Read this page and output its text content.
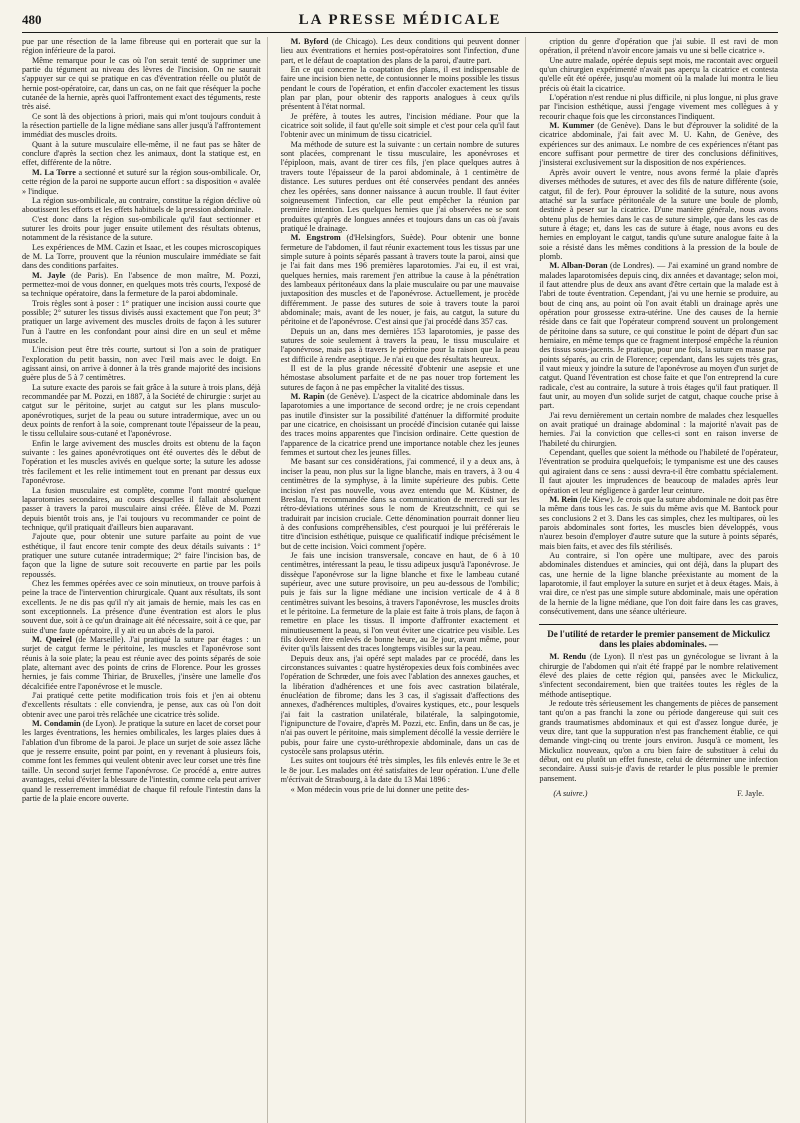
480	LA PRESSE MÉDICALE

pue par une résection de la lame fibreuse qui en porterait que sur la région inférieure de la paroi.

Même remarque pour le cas où l'on serait tenté de supprimer une partie du tégument au niveau des lèvres de l'incision. On ne saurait s'appuyer sur ce qui se pratique en cas d'éventration réelle ou plutôt de hernie post-opératoire, car, dans un cas, on ne fait que réséquer la poche cutanée de la hernie, après quoi l'affrontement exact des téguments, reste très aisé.

Ce sont là des objections à priori, mais qui m'ont toujours conduit à la résection partielle de la ligne médiane sans aller jusqu'à l'affrontement immédiat des muscles droits.

Quant à la suture musculaire elle-même, il ne faut pas se hâter de conclure d'après la section chez les animaux, dont la statique est, en effet, différente de la nôtre.

M. La Torre a sectionné et suturé sur la région sous-ombilicale. Or, cette région de la paroi ne supporte aucun effort : sa disposition « avalée » l'indique.

La région sus-ombilicale, au contraire, constitue la région déclive où aboutissent les efforts et les effets habituels de la pression abdominale.

C'est donc dans la région sus-ombilicale qu'il faut sectionner et suturer les droits pour juger ensuite utilement des résultats obtenus, notamment de la résistance de la suture.

Les expériences de MM. Cazin et Isaac, et les coupes microscopiques de M. La Torre, prouvent que la réunion musculaire immédiate se fait dans des conditions parfaites.

M. Jayle (de Paris). En l'absence de mon maître, M. Pozzi, permettez-moi de vous donner, en quelques mots très courts, l'exposé de sa technique opératoire, dans la fermeture de la paroi abdominale.

Trois règles sont à poser : 1° pratiquer une incision aussi courte que possible; 2° suturer les tissus divisés aussi exactement que l'on peut; 3° pratiquer un large avivement des muscles droits de façon à les suturer l'un à l'autre en les confondant pour ainsi dire en un seul et même muscle.

L'incision peut être très courte, surtout si l'on a soin de pratiquer l'exploration du petit bassin, non avec l'œil mais avec le doigt. En agissant ainsi, on arrive à donner à la très grande majorité des incisions guère plus de 5 à 7 centimètres.

La suture exacte des parois se fait grâce à la suture à trois plans, déjà recommandée par M. Pozzi, en 1887, à la Société de chirurgie : surjet au catgut sur le péritoine, surjet au catgut sur les plans musculo-aponévrotiques, surjet de la peau ou suture intradermique, avec un ou deux points de renfort à la soie, comprenant toute l'épaisseur de la peau, le tissu cellulaire sous-cutané et l'aponévrose.

Enfin le large avivement des muscles droits est obtenu de la façon suivante : les gaines aponévrotiques ont été ouvertes dès le début de l'opération et les muscles avivés en quelque sorte; la suture les adosse très facilement et les relie intimement tout en prenant par dessus eux l'aponévrose.

La fusion musculaire est complète, comme l'ont montré quelque laparotomies secondaires, au cours desquelles il fallait absolument passer à travers la paroi musculaire ainsi créée. Élève de M. Pozzi depuis bientôt trois ans, je l'ai toujours vu recommander ce point de technique, qu'il pratiquait d'ailleurs bien auparavant.

J'ajoute que, pour obtenir une suture parfaite au point de vue esthétique, il faut encore tenir compte des deux détails suivants : 1° pratiquer une suture cutanée intradermique; 2° faire l'incision bas, de façon que la ligne de suture soit recouverte en partie par les poils repoussés.

Chez les femmes opérées avec ce soin minutieux, on trouve parfois à peine la trace de l'intervention chirurgicale. Quant aux résultats, ils sont excellents. Je ne dis pas qu'il n'y ait jamais de hernie, mais les cas en sont exceptionnels. La présence d'une éventration est alors le plus souvent due, soit à ce qu'un drainage ait été nécessaire, soit à ce que, par suite d'une faute opératoire, il y ait eu un abcès de la paroi.

M. Queirel (de Marseille). J'ai pratiqué la suture par étages : un surjet de catgut ferme le péritoine, les muscles et l'aponévrose sont réunis à la soie plate; la peau est réunie avec des points séparés de soie plate, alternant avec des points de crins de Florence. Pour les grosses hernies, je fais comme Thiriar, de Bruxelles, j'insère une lamelle d'os décalcifiée entre l'aponévrose et le muscle.

J'ai pratiqué cette petite modification trois fois et j'en ai obtenu d'excellents résultats : elle conviendra, je pense, aux cas où l'on doit obtenir avec une paroi très relâchée une cicatrice très solide.

M. Condamin (de Lyon). Je pratique la suture en lacet de corset pour les larges éventrations, les hernies ombilicales, les larges plaies dues à l'ablation d'un fibrome de la paroi. Je place un surjet de soie assez lâche que je resserre ensuite, point par point, en y revenant à plusieurs fois, comme font les femmes qui veulent obtenir avec leur corset une très fine taille. Un second surjet ferme l'aponévrose. Ce procédé a, entre autres avantages, celui d'éviter la blessure de l'intestin, comme cela peut arriver quand le resserrement immédiat de chaque fil refoule l'intestin dans la partie de la plaie encore ouverte.

M. Byford (de Chicago). Les deux conditions qui peuvent donner lieu aux éventrations et hernies post-opératoires sont l'infection, d'une part, et le défaut de coaptation des plans de la paroi, d'autre part.

En ce qui concerne la coaptation des plans, il est indispensable de faire une incision bien nette, de contusionner le moins possible les tissus pendant le cours de l'opération, et enfin d'accoler exactement les tissus plan par plan, pour obtenir des rapports analogues à ceux qu'ils présentent à l'état normal.

Je préfère, à toutes les autres, l'incision médiane. Pour que la cicatrice soit solide, il faut qu'elle soit simple et c'est pour cela qu'il faut l'obtenir avec un minimum de tissu cicatriciel.

Ma méthode de suture est la suivante : un certain nombre de sutures sont placées, comprenant le tissu musculaire, les aponévroses et l'épiploon, mais, avant de tirer ces fils, j'en place quelques autres à travers toute l'épaisseur de la paroi abdominale, à 1 centimètre de distance. Les sutures perdues ont été conservées pendant des années chez les opérées, sans donner naissance à aucun trouble. Il faut éviter soigneusement l'infection, car elle peut empêcher la réunion par première intention. Les quelques hernies que j'ai observées ne se sont produites qu'après de longues années et toujours dans un cas où j'avais pratiqué le drainage.

M. Engstrom (d'Helsingfors, Suède). Pour obtenir une bonne fermeture de l'abdomen, il faut réunir exactement tous les tissus par une simple suture à points séparés passant à travers toute la paroi, ainsi que je l'ai fait dans mes 196 premières laparotomies. J'ai eu, il est vrai, quelques hernies, mais rarement j'en attribue la cause à la pénétration des lambeaux péritonéaux dans la plaie musculaire ou par une mauvaise juxtaposition des muscles et de l'aponévrose. Actuellement, je procède différemment. Je passe des sutures de soie à travers toute la paroi abdominale; mais, avant de les nouer, je fais, au catgut, la suture du péritoine et de l'aponévrose. C'est ainsi que j'ai procédé dans 357 cas.

Depuis un an, dans mes dernières 153 laparotomies, je passe des sutures de soie seulement à travers la peau, le tissu musculaire et l'aponévrose, mais pas à travers le péritoine pour la raison que la peau est difficile à rendre aseptique. Je n'ai eu que des résultats heureux.

Il est de la plus grande nécessité d'obtenir une asepsie et une hémostase absolument parfaite et de ne pas nouer trop fortement les sutures de façon à ne pas empêcher la vitalité des tissus.

M. Rapin (de Genève). L'aspect de la cicatrice abdominale dans les laparotomies a une importance de second ordre; je ne crois cependant pas inutile d'insister sur la possibilité d'atténuer la difformité produite par une cicatrice, en choisissant un procédé d'incision cutanée qui laisse des traces moins apparentes que l'incision ordinaire. Cette question de l'apparence de la cicatrice prend une importance notable chez les jeunes femmes et surtout chez les jeunes filles.

Me basant sur ces considérations, j'ai commencé, il y a deux ans, à inciser la peau, non plus sur la ligne blanche, mais en travers, à 3 ou 4 centimètres de la symphyse, à la limite supérieure des pubis. Cette incision n'est pas nouvelle, vous avez entendu que M. Küstner, de Breslau, l'a recommandée dans sa communication de mercredi sur les rétro-déviations utérines sous le nom de Kreutzschnitt, ce qui se traduirait par incision cruciale. Cette dénomination pourrait donner lieu à des confusions compréhensibles, c'est pourquoi je lui préférerais le titre d'incision esthétique, puisque ce qualificatif indique précisément le but de cette incision. Voici comment j'opère.

Je fais une incision transversale, concave en haut, de 6 à 10 centimètres, intéressant la peau, le tissu adipeux jusqu'à l'aponévrose. Je dissèque l'aponévrose sur la ligne blanche et fixe le lambeau cutané supérieur, avec une suture provisoire, un peu au-dessous de l'ombilic; puis je fais sur la ligne médiane une incision verticale de 4 à 8 centimètres suivant les besoins, à travers l'aponévrose, les muscles droits et le péritoine. La fermeture de la plaie est faite à trois plans, de façon à remettre en place les tissus. Il importe d'affronter exactement et minutieusement la peau, si l'on veut éviter une cicatrice peu visible. Les fils doivent être enlevés de bonne heure, au 3e jour, avant même, pour éviter qu'ils laissent des traces longtemps visibles sur la peau.

Depuis deux ans, j'ai opéré sept malades par ce procédé, dans les circonstances suivantes : quatre hystéropexies deux fois combinées avec l'opération de Schrœder, une fois avec l'ablation des annexes gauches, et la libération d'adhérences et une fois avec castration bilatérale, énucléation de fibrome; dans les 3 cas, il s'agissait d'affections des annexes, d'adhérences multiples, d'ovaires kystiques, etc., pour lesquels j'ai fait la castration unilatérale, bilatérale, la salpingotomie, l'ignipuncture de l'ovaire, d'après M. Pozzi, etc. Enfin, dans un 8e cas, je n'ai pas ouvert le péritoine, mais simplement décollé la vessie derrière le pubis, pour faire une cysto-uréthropexie abdominale, dans un cas de cystocèle sans prolapsus utérin.

Les suites ont toujours été très simples, les fils enlevés entre le 3e et le 8e jour. Les malades ont été satisfaites de leur opération. L'une d'elle m'écrivait de Strasbourg, à la date du 13 Mai 1896 :

« Mon médecin vous prie de lui donner une petite des-

cription du genre d'opération que j'ai subie. Il est ravi de mon opération, il prétend n'avoir encore jamais vu une si belle cicatrice ».

Une autre malade, opérée depuis sept mois, me racontait avec orgueil qu'un chirurgien expérimenté n'avait pas aperçu la cicatrice et contesta qu'elle eût été opérée, jusqu'au moment où la malade lui montra le lieu précis où était la cicatrice.

L'opération n'est rendue ni plus difficile, ni plus longue, ni plus grave par l'incision esthétique, aussi j'engage vivement mes collègues à y recourir chaque fois que les circonstances l'indiquent.

M. Kummer (de Genève). Dans le but d'éprouver la solidité de la cicatrice abdominale, j'ai fait avec M. U. Kahn, de Genève, des expériences sur des animaux. Le nombre de ces expériences n'étant pas encore suffisant pour permettre de tirer des conclusions définitives, j'insisterai exclusivement sur la disposition de nos expériences.

Après avoir ouvert le ventre, nous avons fermé la plaie d'après diverses méthodes de sutures, et avec des fils de nature différente (soie, catgut, fil de fer). Pour éprouver la solidité de la suture, nous avons attaché sur la surface péritonéale de la suture une boule de plomb, destinée à peser sur la cicatrice. D'une manière générale, nous avons obtenu plus de hernies dans le cas de suture simple, que dans les cas de suture à étage; et, dans les cas de suture à étage, nous avons eu des hernies en employant le catgut, tandis qu'une suture analogue faite à la soie a résisté dans les mêmes conditions à la pression de la boule de plomb.

M. Alban-Doran (de Londres). — J'ai examiné un grand nombre de malades laparotomisées depuis cinq, dix années et davantage; selon moi, il faut attendre plus de deux ans avant d'être certain que la malade est à l'abri de toute éventration. Cependant, j'ai vu une hernie se produire, au bout de cinq ans, au point où l'on avait établi un drainage après une opération pour grossesse extra-utérine. Une des causes de la hernie réside dans ce fait que l'opérateur comprend souvent un prolongement de péritoine dans sa suture, ce qui constitue le point de départ d'un sac herniaire, en même temps que ce fragment interposé empêche la réunion des tissus sous-jacents. Je pratique, pour une fois, la suture en masse par points séparés, au crin de Florence; cependant, dans les sujets très gras, il vaut mieux y joindre la suture de l'aponévrose au moyen d'un surjet de catgut. Quand l'éventration est chose faite et que l'on entreprend la cure radicale, c'est au contraire, la suture à trois étages qu'il faut pratiquer. Il faut unir, au moyen d'un solide surjet de catgut, chaque couche prise à part.

J'ai revu dernièrement un certain nombre de malades chez lesquelles on avait pratiqué un drainage abdominal : la majorité n'avait pas de hernies. J'ai la conviction que celles-ci sont en raison inverse de l'habileté du chirurgien.

Cependant, quelles que soient la méthode ou l'habileté de l'opérateur, l'éventration se produira quelquefois; le tympanisme est une des causes qui agiraient dans ce sens : aussi devra-t-il être combattu spécialement. Il faut ajouter les imprudences de beaucoup de malades après leur opération et leur négligence à garder leur ceinture.

M. Rein (de Kiew). Je crois que la suture abdominale ne doit pas être la même dans tous les cas. Je suis du même avis que M. Bantock pour ses conclusions 2 et 3. Dans les cas simples, chez les multipares, où les parois abdominales sont fortes, les muscles bien développés, vous n'aurez besoin d'employer d'autre suture que la suture à points séparés, mais bien faits, et avec des fils stérilisés.

Au contraire, si l'on opère une multipare, avec des parois abdominales distendues et amincies, qui ont déjà, dans la plupart des cas, une hernie de la ligne blanche préexistante au moment de la laparotomie, il faut employer la suture en surjet et à deux étages. Mais, à vrai dire, ce n'est pas une simple suture abdominale, mais une opération de la hernie de la ligne médiane, que l'on doit faire dans les cas graves, consécutivement, dans une séance ultérieure.

De l'utilité de retarder le premier pansement de Mickulicz dans les plaies abdominales. —

M. Rendu (de Lyon). Il n'est pas un gynécologue se livrant à la chirurgie de l'abdomen qui n'ait été frappé par le nombre relativement élevé des plaies de cette région qui, pansées avec le Mickulicz, s'infectent secondairement, bien que traitées toutes les règles de la méthode antiseptique.

Je redoute très sérieusement les changements de pièces de pansement tant qu'on a pas franchi la zone ou période dangereuse qui suit ces grands traumatismes abdominaux et qui est d'assez longue durée, je veux dire, tant que la suppuration n'est pas franchement établie, ce qui demande vingt-cinq ou trente jours environ. Jusqu'à ce moment, les Mickulicz nouveaux, qu'on a cru bien faire de substituer à celui du début, ont eu plutôt un effet funeste, celui de déterminer une infection secondaire. Aussi suis-je d'avis de retarder le plus possible le premier pansement.

(A suivre.)	F. Jayle.
